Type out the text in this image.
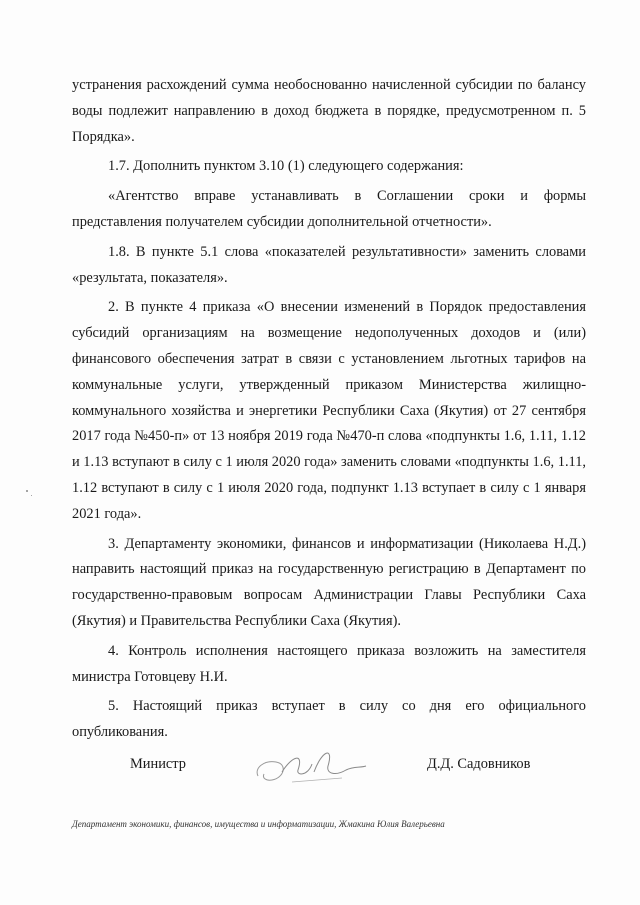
устранения расхождений сумма необоснованно начисленной субсидии по балансу воды подлежит направлению в доход бюджета в порядке, предусмотренном п. 5 Порядка».

1.7. Дополнить пунктом 3.10 (1) следующего содержания:

«Агентство вправе устанавливать в Соглашении сроки и формы представления получателем субсидии дополнительной отчетности».

1.8. В пункте 5.1 слова «показателей результативности» заменить словами «результата, показателя».

2. В пункте 4 приказа «О внесении изменений в Порядок предоставления субсидий организациям на возмещение недополученных доходов и (или) финансового обеспечения затрат в связи с установлением льготных тарифов на коммунальные услуги, утвержденный приказом Министерства жилищно-коммунального хозяйства и энергетики Республики Саха (Якутия) от 27 сентября 2017 года №450-п» от 13 ноября 2019 года №470-п слова «подпункты 1.6, 1.11, 1.12 и 1.13 вступают в силу с 1 июля 2020 года» заменить словами «подпункты 1.6, 1.11, 1.12 вступают в силу с 1 июля 2020 года, подпункт 1.13 вступает в силу с 1 января 2021 года».

3. Департаменту экономики, финансов и информатизации (Николаева Н.Д.) направить настоящий приказ на государственную регистрацию в Департамент по государственно-правовым вопросам Администрации Главы Республики Саха (Якутия) и Правительства Республики Саха (Якутия).

4. Контроль исполнения настоящего приказа возложить на заместителя министра Готовцеву Н.И.

5. Настоящий приказ вступает в силу со дня его официального опубликования.

Министр	Д.Д. Садовников
Департамент экономики, финансов, имущества и информатизации, Жмакина Юлия Валерьевна
